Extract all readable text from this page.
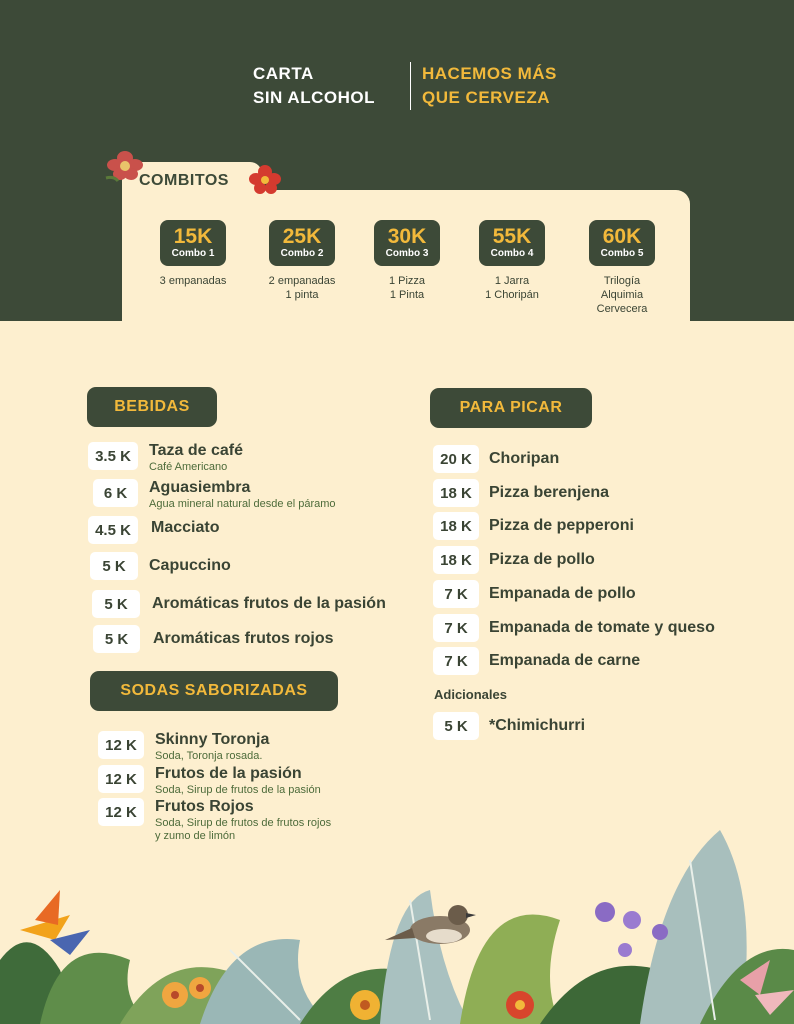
CARTA
SIN ALCOHOL
HACEMOS MÁS
QUE CERVEZA
COMBITOS
15K
Combo 1
3 empanadas
25K
Combo 2
2 empanadas
1 pinta
30K
Combo 3
1 Pizza
1 Pinta
55K
Combo 4
1 Jarra
1 Choripán
60K
Combo 5
Trilogía
Alquimia
Cervecera
BEBIDAS
3.5 K	Taza de café
Café Americano
6 K	Aguasiembra
Agua mineral natural desde el páramo
4.5 K	Macciato
5 K	Capuccino
5 K	Aromáticas frutos de la pasión
5 K	Aromáticas frutos rojos
SODAS SABORIZADAS
12 K	Skinny Toronja
Soda, Toronja rosada.
12 K	Frutos de la pasión
Soda, Sirup de frutos de la pasión
12 K	Frutos Rojos
Soda, Sirup de frutos de frutos rojos
y zumo de limón
PARA PICAR
20 K	Choripan
18 K	Pizza berenjena
18 K	Pizza de pepperoni
18 K	Pizza de pollo
7 K	Empanada de pollo
7 K	Empanada de tomate y queso
7 K	Empanada de carne
Adicionales
5 K	*Chimichurri
